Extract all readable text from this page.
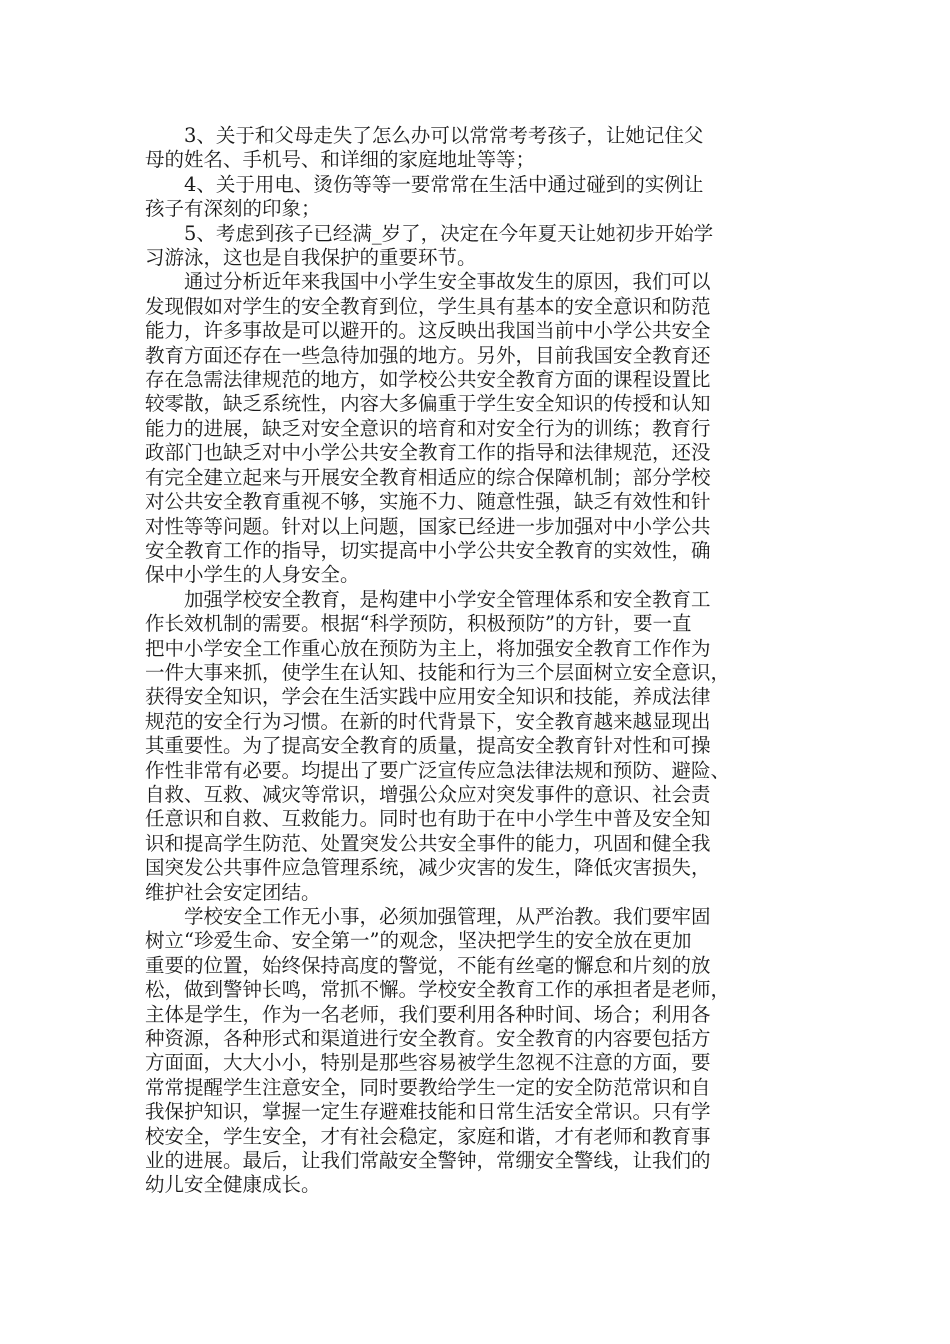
3、关于和父母走失了怎么办可以常常考考孩子，让她记住父
母的姓名、手机号、和详细的家庭地址等等；

4、关于用电、烫伤等等一要常常在生活中通过碰到的实例让
孩子有深刻的印象；

5、考虑到孩子已经满_岁了，决定在今年夏天让她初步开始学
习游泳，这也是自我保护的重要环节。

通过分析近年来我国中小学生安全事故发生的原因，我们可以
发现假如对学生的安全教育到位，学生具有基本的安全意识和防范
能力，许多事故是可以避开的。这反映出我国当前中小学公共安全
教育方面还存在一些急待加强的地方。另外，目前我国安全教育还
存在急需法律规范的地方，如学校公共安全教育方面的课程设置比
较零散，缺乏系统性，内容大多偏重于学生安全知识的传授和认知
能力的进展，缺乏对安全意识的培育和对安全行为的训练；教育行
政部门也缺乏对中小学公共安全教育工作的指导和法律规范，还没
有完全建立起来与开展安全教育相适应的综合保障机制；部分学校
对公共安全教育重视不够，实施不力、随意性强，缺乏有效性和针
对性等等问题。针对以上问题，国家已经进一步加强对中小学公共
安全教育工作的指导，切实提高中小学公共安全教育的实效性，确
保中小学生的人身安全。

加强学校安全教育，是构建中小学安全管理体系和安全教育工
作长效机制的需要。根据“科学预防，积极预防”的方针，要一直
把中小学安全工作重心放在预防为主上，将加强安全教育工作作为
一件大事来抓，使学生在认知、技能和行为三个层面树立安全意识，
获得安全知识，学会在生活实践中应用安全知识和技能，养成法律
规范的安全行为习惯。在新的时代背景下，安全教育越来越显现出
其重要性。为了提高安全教育的质量，提高安全教育针对性和可操
作性非常有必要。均提出了要广泛宣传应急法律法规和预防、避险、
自救、互救、减灾等常识，增强公众应对突发事件的意识、社会责
任意识和自救、互救能力。同时也有助于在中小学生中普及安全知
识和提高学生防范、处置突发公共安全事件的能力，巩固和健全我
国突发公共事件应急管理系统，减少灾害的发生，降低灾害损失，
维护社会安定团结。

学校安全工作无小事，必须加强管理，从严治教。我们要牢固
树立“珍爱生命、安全第一”的观念，坚决把学生的安全放在更加
重要的位置，始终保持高度的警觉，不能有丝毫的懈怠和片刻的放
松，做到警钟长鸣，常抓不懈。学校安全教育工作的承担者是老师，
主体是学生，作为一名老师，我们要利用各种时间、场合；利用各
种资源，各种形式和渠道进行安全教育。安全教育的内容要包括方
方面面，大大小小，特别是那些容易被学生忽视不注意的方面，要
常常提醒学生注意安全，同时要教给学生一定的安全防范常识和自
我保护知识，掌握一定生存避难技能和日常生活安全常识。只有学
校安全，学生安全，才有社会稳定，家庭和谐，才有老师和教育事
业的进展。最后，让我们常敲安全警钟，常绷安全警线，让我们的
幼儿安全健康成长。
